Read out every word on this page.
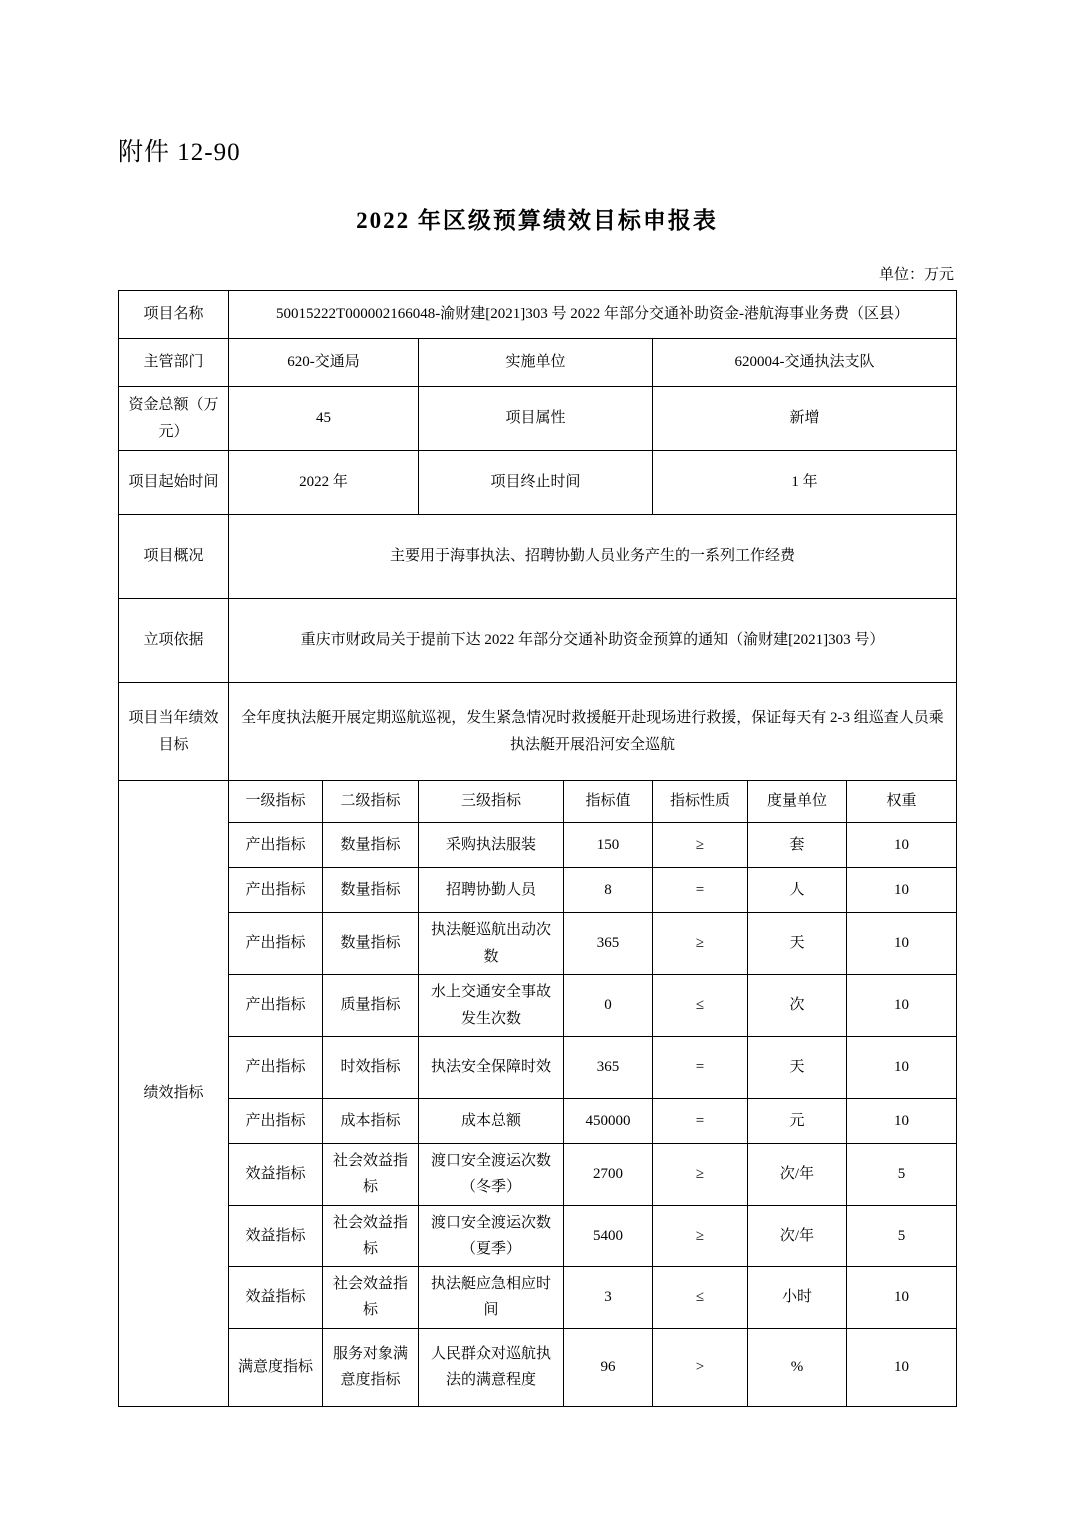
附件 12-90
2022 年区级预算绩效目标申报表
单位：万元
项目名称	50015222T000002166048-渝财建[2021]303 号 2022 年部分交通补助资金-港航海事业务费（区县）						
主管部门	620-交通局		实施单位		620004-交通执法支队		
资金总额（万元）	45		项目属性		新增		
项目起始时间	2022 年		项目终止时间		1 年		
项目概况	主要用于海事执法、招聘协勤人员业务产生的一系列工作经费						
立项依据	重庆市财政局关于提前下达 2022 年部分交通补助资金预算的通知（渝财建[2021]303 号）						
项目当年绩效目标	全年度执法艇开展定期巡航巡视，发生紧急情况时救援艇开赴现场进行救援，保证每天有 2-3 组巡查人员乘执法艇开展沿河安全巡航						
绩效指标	一级指标	二级指标	三级指标	指标值	指标性质	度量单位	权重
	产出指标	数量指标	采购执法服装	150	≥	套	10
	产出指标	数量指标	招聘协勤人员	8	=	人	10
	产出指标	数量指标	执法艇巡航出动次数	365	≥	天	10
	产出指标	质量指标	水上交通安全事故发生次数	0	≤	次	10
	产出指标	时效指标	执法安全保障时效	365	=	天	10
	产出指标	成本指标	成本总额	450000	=	元	10
	效益指标	社会效益指标	渡口安全渡运次数（冬季）	2700	≥	次/年	5
	效益指标	社会效益指标	渡口安全渡运次数（夏季）	5400	≥	次/年	5
	效益指标	社会效益指标	执法艇应急相应时间	3	≤	小时	10
	满意度指标	服务对象满意度指标	人民群众对巡航执法的满意程度	96	>	%	10
